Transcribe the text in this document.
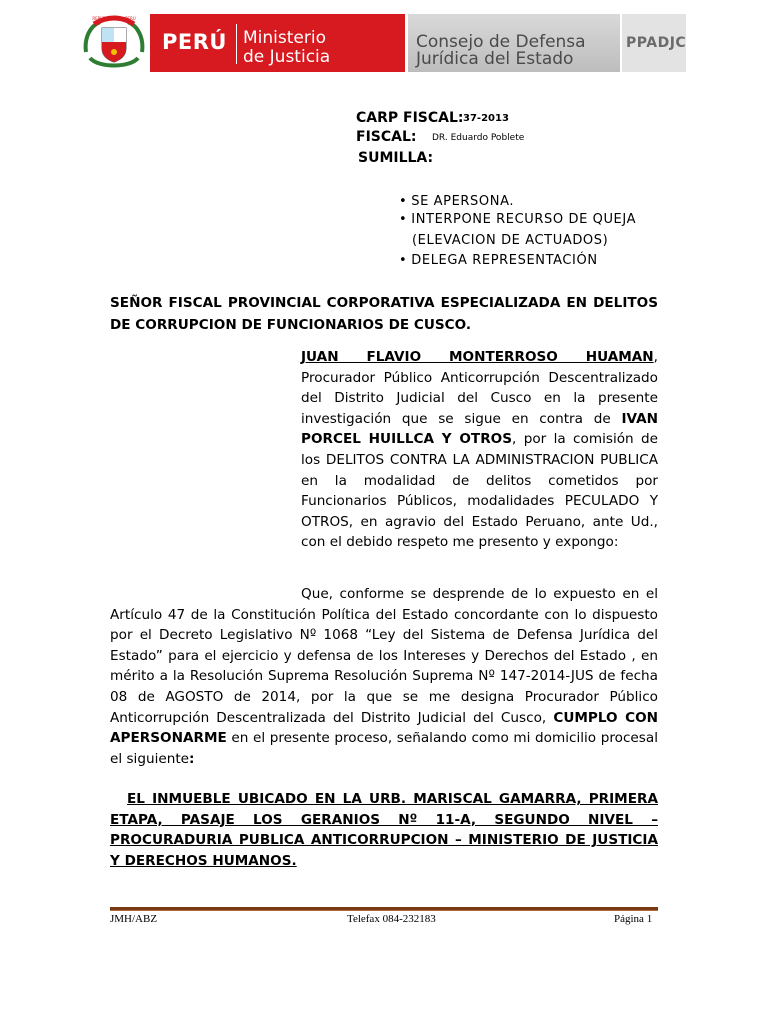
REPÚBLICA DEL PERÚ
PERÚ Ministerio
de Justicia
Consejo de Defensa
Jurídica del Estado
PPADJC
CARP FISCAL: 37-2013
FISCAL: DR. Eduardo Poblete
SUMILLA:
• SE APERSONA.
• INTERPONE RECURSO DE QUEJA
(ELEVACION DE ACTUADOS)
• DELEGA REPRESENTACIÓN
SEÑOR FISCAL PROVINCIAL CORPORATIVA ESPECIALIZADA EN DELITOS DE CORRUPCION DE FUNCIONARIOS DE CUSCO.
JUAN FLAVIO MONTERROSO HUAMAN, Procurador Público Anticorrupción Descentralizado del Distrito Judicial del Cusco en la presente investigación que se sigue en contra de IVAN PORCEL HUILLCA Y OTROS, por la comisión de los DELITOS CONTRA LA ADMINISTRACION PUBLICA en la modalidad de delitos cometidos por Funcionarios Públicos, modalidades PECULADO Y OTROS, en agravio del Estado Peruano, ante Ud., con el debido respeto me presento y expongo:
Que, conforme se desprende de lo expuesto en el Artículo 47 de la Constitución Política del Estado concordante con lo dispuesto por el Decreto Legislativo Nº 1068 “Ley del Sistema de Defensa Jurídica del Estado” para el ejercicio y defensa de los Intereses y Derechos del Estado , en mérito a la Resolución Suprema Resolución Suprema Nº 147-2014-JUS de fecha 08 de AGOSTO de 2014, por la que se me designa Procurador Público Anticorrupción Descentralizada del Distrito Judicial del Cusco, CUMPLO CON APERSONARME en el presente proceso, señalando como mi domicilio procesal el siguiente:
EL INMUEBLE UBICADO EN LA URB. MARISCAL GAMARRA, PRIMERA ETAPA, PASAJE LOS GERANIOS Nº 11-A, SEGUNDO NIVEL – PROCURADURIA PUBLICA ANTICORRUPCION – MINISTERIO DE JUSTICIA Y DERECHOS HUMANOS.
JMH/ABZ	Telefax 084-232183	Página 1
